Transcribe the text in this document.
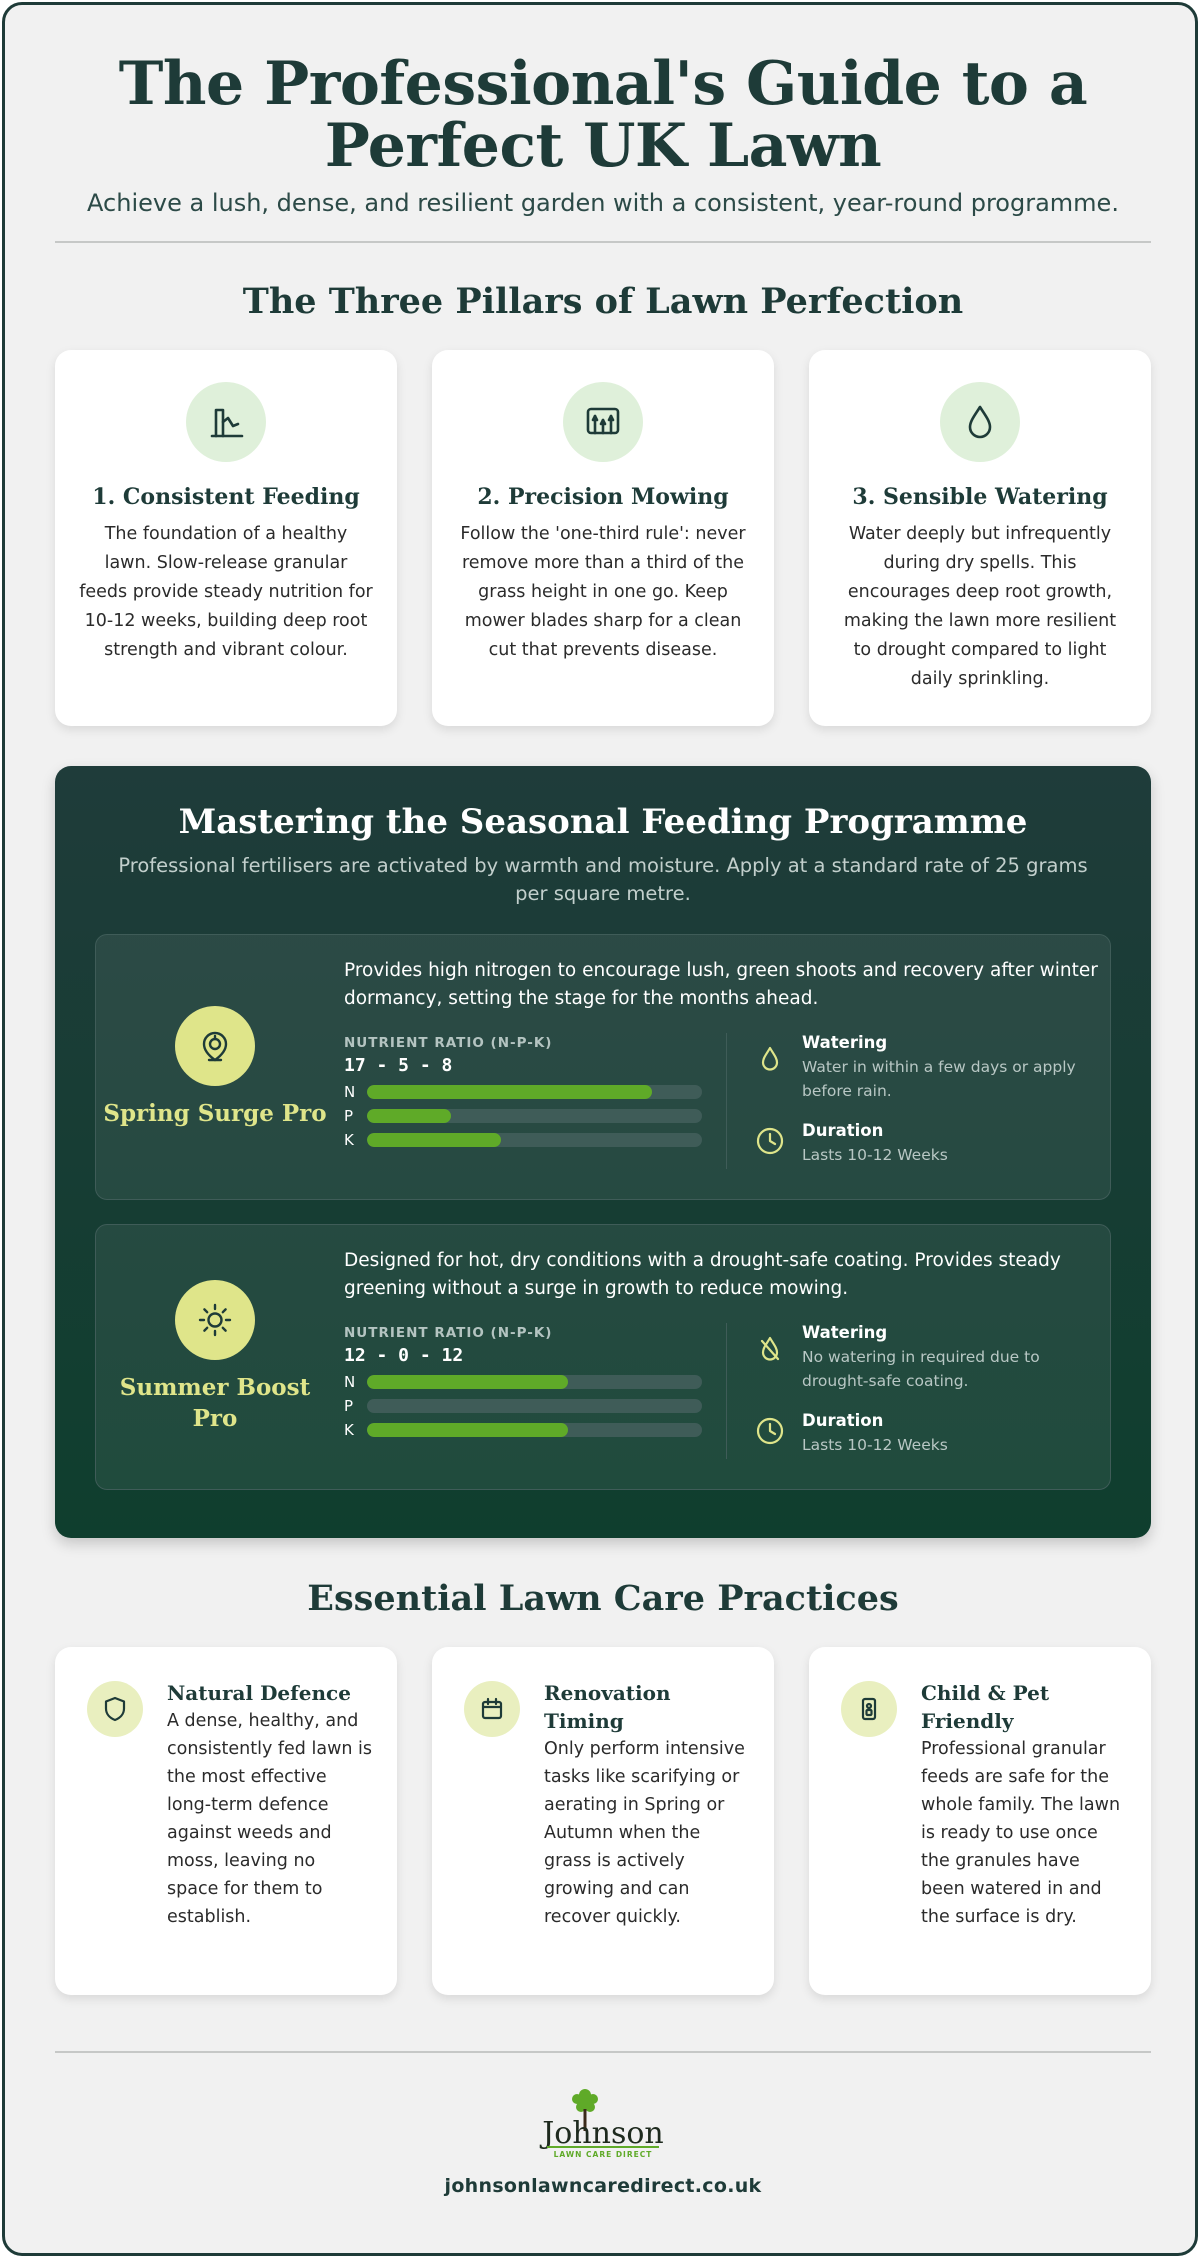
The Professional's Guide to a Perfect UK Lawn

Achieve a lush, dense, and resilient garden with a consistent, year-round programme.

The Three Pillars of Lawn Perfection
1. Consistent Feeding
The foundation of a healthy lawn. Slow-release granular feeds provide steady nutrition for 10-12 weeks, building deep root strength and vibrant colour.
2. Precision Mowing
Follow the 'one-third rule': never remove more than a third of the grass height in one go. Keep mower blades sharp for a clean cut that prevents disease.
3. Sensible Watering
Water deeply but infrequently during dry spells. This encourages deep root growth, making the lawn more resilient to drought compared to light daily sprinkling.
Mastering the Seasonal Feeding Programme

Professional fertilisers are activated by warmth and moisture. Apply at a standard rate of 25 grams per square metre.

Spring Surge Pro
Provides high nitrogen to encourage lush, green shoots and recovery after winter dormancy, setting the stage for the months ahead.
NUTRIENT RATIO (N-P-K)
17 - 5 - 8
N
P
K
Watering
Water in within a few days or apply before rain.
Duration
Lasts 10-12 Weeks
Summer Boost Pro
Designed for hot, dry conditions with a drought-safe coating. Provides steady greening without a surge in growth to reduce mowing.
NUTRIENT RATIO (N-P-K)
12 - 0 - 12
N
P
K
Watering
No watering in required due to drought-safe coating.
Duration
Lasts 10-12 Weeks
Essential Lawn Care Practices
Natural Defence
A dense, healthy, and consistently fed lawn is the most effective long-term defence against weeds and moss, leaving no space for them to establish.
Renovation Timing
Only perform intensive tasks like scarifying or aerating in Spring or Autumn when the grass is actively growing and can recover quickly.
Child & Pet Friendly
Professional granular feeds are safe for the whole family. The lawn is ready to use once the granules have been watered in and the surface is dry.
Johnson
LAWN CARE DIRECT
johnsonlawncaredirect.co.uk
